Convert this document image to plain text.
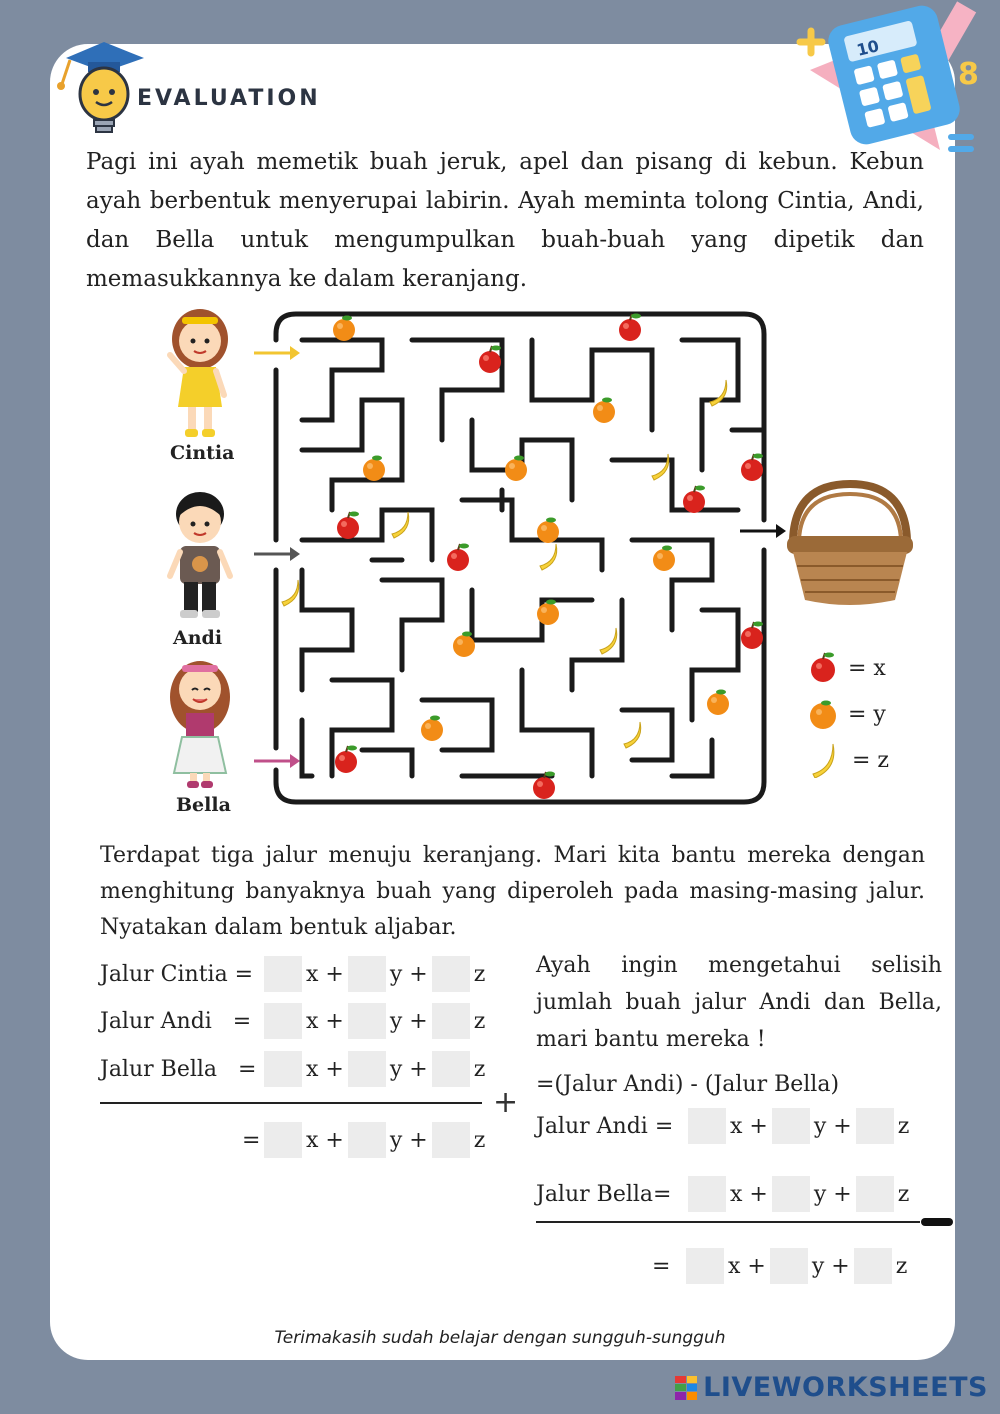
EVALUATION
10
8

Pagi ini ayah memetik buah jeruk, apel dan pisang di kebun. Kebun ayah berbentuk menyerupai labirin. Ayah meminta tolong Cintia, Andi, dan Bella untuk mengumpulkan buah-buah yang dipetik dan memasukkannya ke dalam keranjang.

Cintia
Andi
Bella
= x
= y
= z

Terdapat tiga jalur menuju keranjang. Mari kita bantu mereka dengan menghitung banyaknya buah yang diperoleh pada masing-masing jalur. Nyatakan dalam bentuk aljabar.

Jalur Cintia =	x + y + z
Jalur Andi   =	x + y + z
Jalur Bella   = x + y + z
+
= x + y + z

Ayah ingin mengetahui selisih jumlah buah jalur Andi dan Bella, mari bantu mereka !

=(Jalur Andi) - (Jalur Bella)
Jalur Andi =	x + y + z
Jalur Bella=	x + y + z
=	x + y + z
Terimakasih sudah belajar dengan sungguh-sungguh
LIVEWORKSHEETS
